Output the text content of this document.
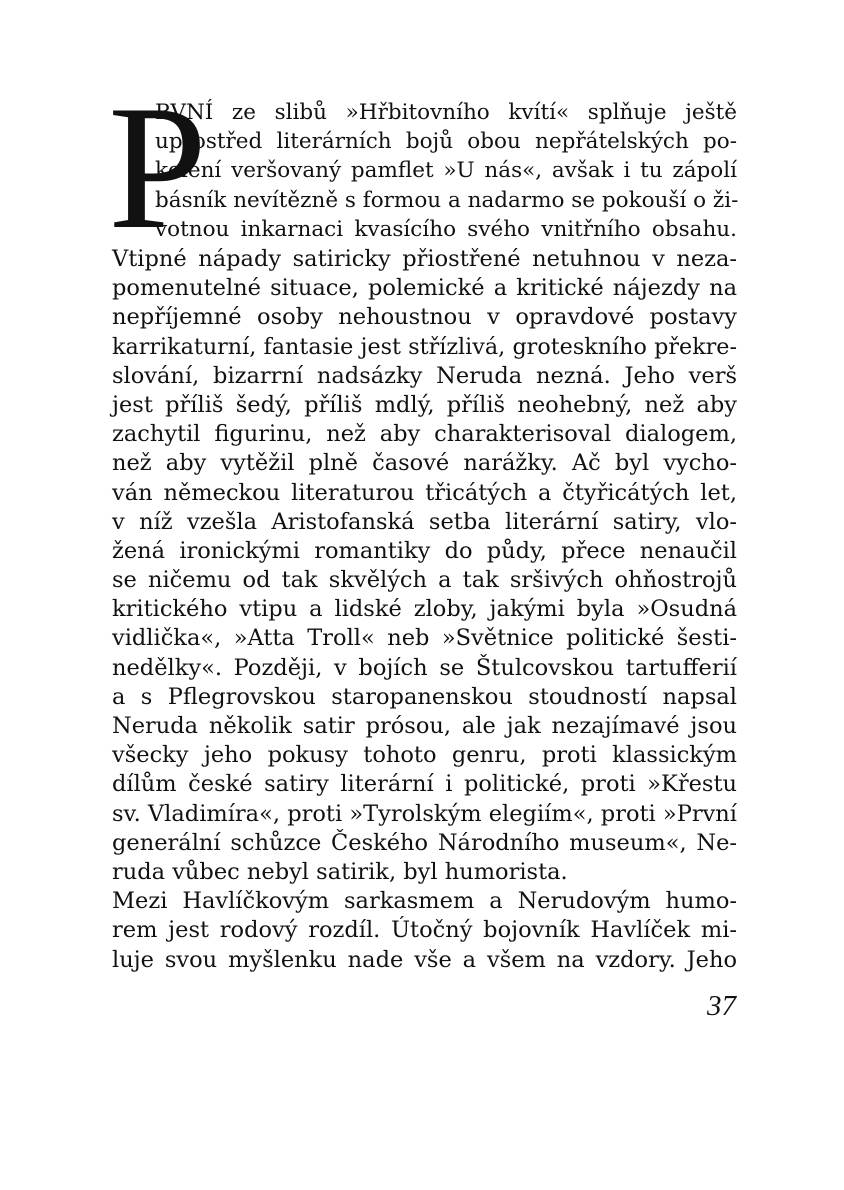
P
RVNÍ ze slibů »Hřbitovního kvítí« splňuje ještě
uprostřed literárních bojů obou nepřátelských po-
kolení veršovaný pamflet »U nás«, avšak i tu zápolí
básník nevítězně s formou a nadarmo se pokouší o ži-
votnou inkarnaci kvasícího svého vnitřního obsahu.
Vtipné nápady satiricky přiostřené netuhnou v neza-
pomenutelné situace, polemické a kritické nájezdy na
nepříjemné osoby nehoustnou v opravdové postavy
karrikaturní, fantasie jest střízlivá, groteskního překre-
slování, bizarrní nadsázky Neruda nezná. Jeho verš
jest příliš šedý, příliš mdlý, příliš neohebný, než aby
zachytil figurinu, než aby charakterisoval dialogem,
než aby vytěžil plně časové narážky. Ač byl vycho-
ván německou literaturou třicátých a čtyřicátých let,
v níž vzešla Aristofanská setba literární satiry, vlo-
žená ironickými romantiky do půdy, přece nenaučil
se ničemu od tak skvělých a tak sršivých ohňostrojů
kritického vtipu a lidské zloby, jakými byla »Osudná
vidlička«, »Atta Troll« neb »Světnice politické šesti-
nedělky«. Později, v bojích se Štulcovskou tartufferií
a s Pflegrovskou staropanenskou stoudností napsal
Neruda několik satir prósou, ale jak nezajímavé jsou
všecky jeho pokusy tohoto genru, proti klassickým
dílům české satiry literární i politické, proti »Křestu
sv. Vladimíra«, proti »Tyrolským elegiím«, proti »První
generální schůzce Českého Národního museum«, Ne-
ruda vůbec nebyl satirik, byl humorista.
Mezi Havlíčkovým sarkasmem a Nerudovým humo-
rem jest rodový rozdíl. Útočný bojovník Havlíček mi-
luje svou myšlenku nade vše a všem na vzdory. Jeho
37
